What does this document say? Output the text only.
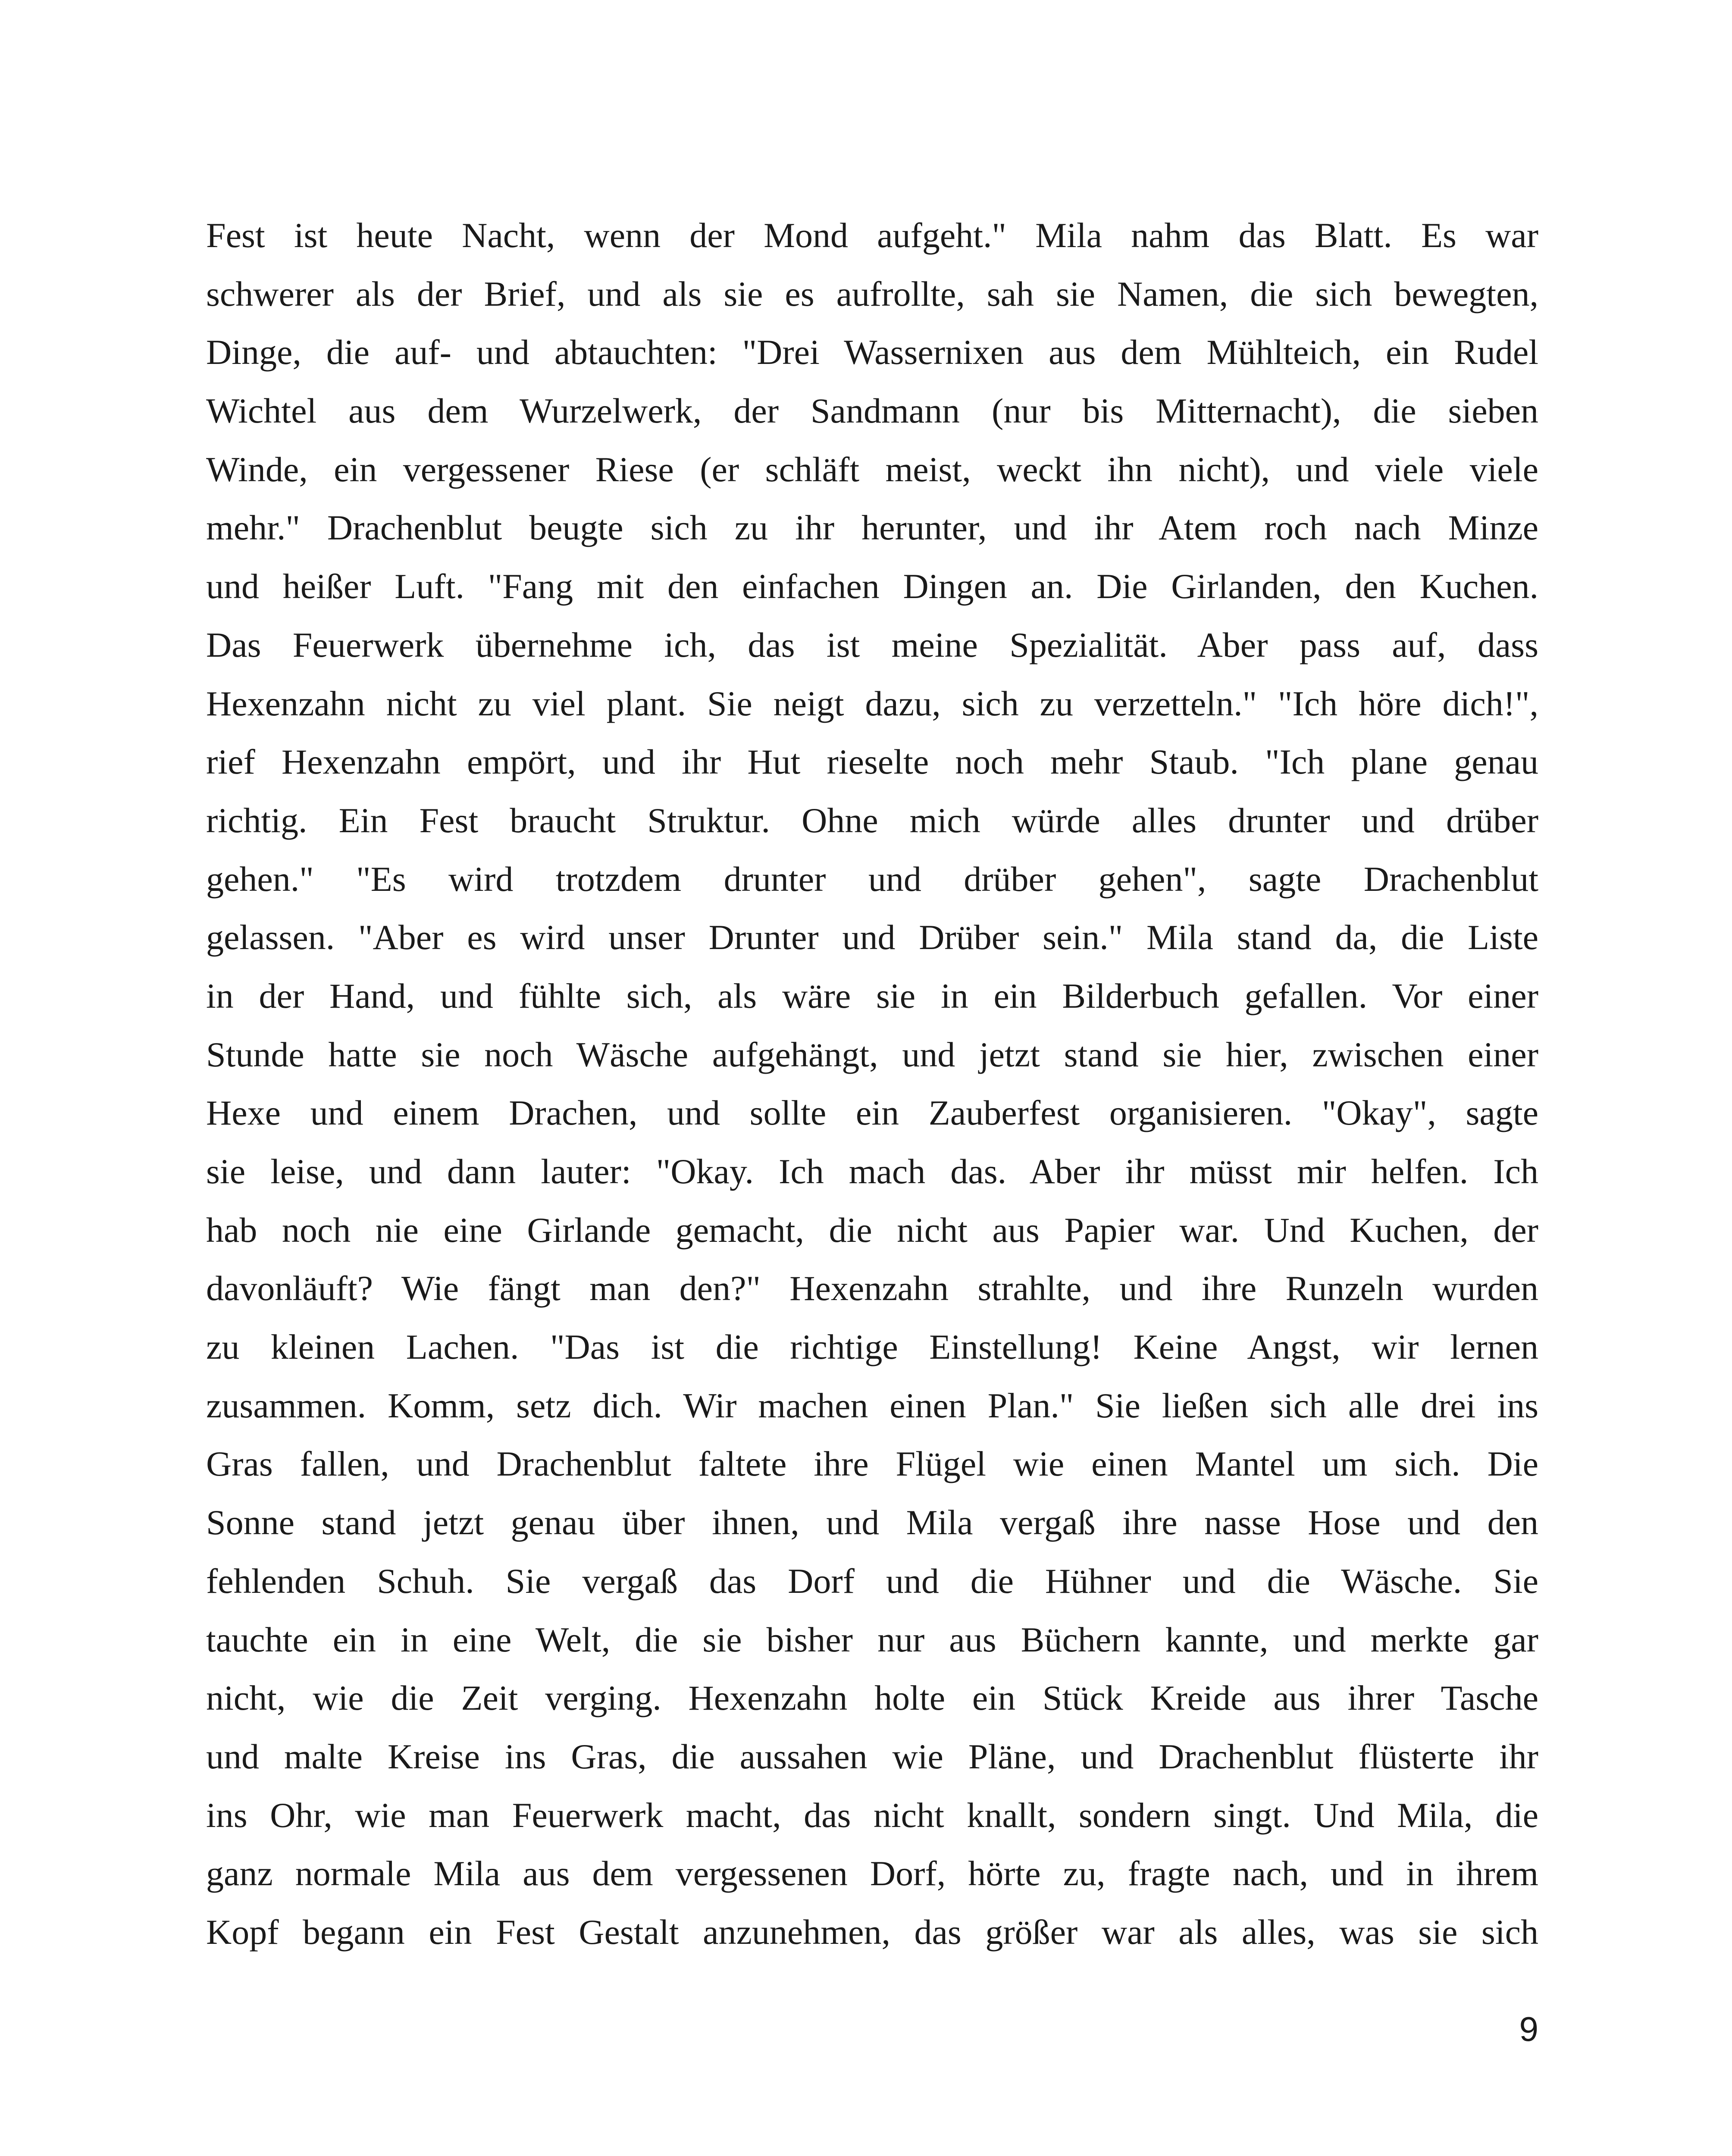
Fest ist heute Nacht, wenn der Mond aufgeht." Mila nahm das Blatt. Es war
schwerer als der Brief, und als sie es aufrollte, sah sie Namen, die sich bewegten,
Dinge, die auf- und abtauchten: "Drei Wassernixen aus dem Mühlteich, ein Rudel
Wichtel aus dem Wurzelwerk, der Sandmann (nur bis Mitternacht), die sieben
Winde, ein vergessener Riese (er schläft meist, weckt ihn nicht), und viele viele
mehr." Drachenblut beugte sich zu ihr herunter, und ihr Atem roch nach Minze
und heißer Luft. "Fang mit den einfachen Dingen an. Die Girlanden, den Kuchen.
Das Feuerwerk übernehme ich, das ist meine Spezialität. Aber pass auf, dass
Hexenzahn nicht zu viel plant. Sie neigt dazu, sich zu verzetteln." "Ich höre dich!",
rief Hexenzahn empört, und ihr Hut rieselte noch mehr Staub. "Ich plane genau
richtig. Ein Fest braucht Struktur. Ohne mich würde alles drunter und drüber
gehen." "Es wird trotzdem drunter und drüber gehen", sagte Drachenblut
gelassen. "Aber es wird unser Drunter und Drüber sein." Mila stand da, die Liste
in der Hand, und fühlte sich, als wäre sie in ein Bilderbuch gefallen. Vor einer
Stunde hatte sie noch Wäsche aufgehängt, und jetzt stand sie hier, zwischen einer
Hexe und einem Drachen, und sollte ein Zauberfest organisieren. "Okay", sagte
sie leise, und dann lauter: "Okay. Ich mach das. Aber ihr müsst mir helfen. Ich
hab noch nie eine Girlande gemacht, die nicht aus Papier war. Und Kuchen, der
davonläuft? Wie fängt man den?" Hexenzahn strahlte, und ihre Runzeln wurden
zu kleinen Lachen. "Das ist die richtige Einstellung! Keine Angst, wir lernen
zusammen. Komm, setz dich. Wir machen einen Plan." Sie ließen sich alle drei ins
Gras fallen, und Drachenblut faltete ihre Flügel wie einen Mantel um sich. Die
Sonne stand jetzt genau über ihnen, und Mila vergaß ihre nasse Hose und den
fehlenden Schuh. Sie vergaß das Dorf und die Hühner und die Wäsche. Sie
tauchte ein in eine Welt, die sie bisher nur aus Büchern kannte, und merkte gar
nicht, wie die Zeit verging. Hexenzahn holte ein Stück Kreide aus ihrer Tasche
und malte Kreise ins Gras, die aussahen wie Pläne, und Drachenblut flüsterte ihr
ins Ohr, wie man Feuerwerk macht, das nicht knallt, sondern singt. Und Mila, die
ganz normale Mila aus dem vergessenen Dorf, hörte zu, fragte nach, und in ihrem
Kopf begann ein Fest Gestalt anzunehmen, das größer war als alles, was sie sich
9
